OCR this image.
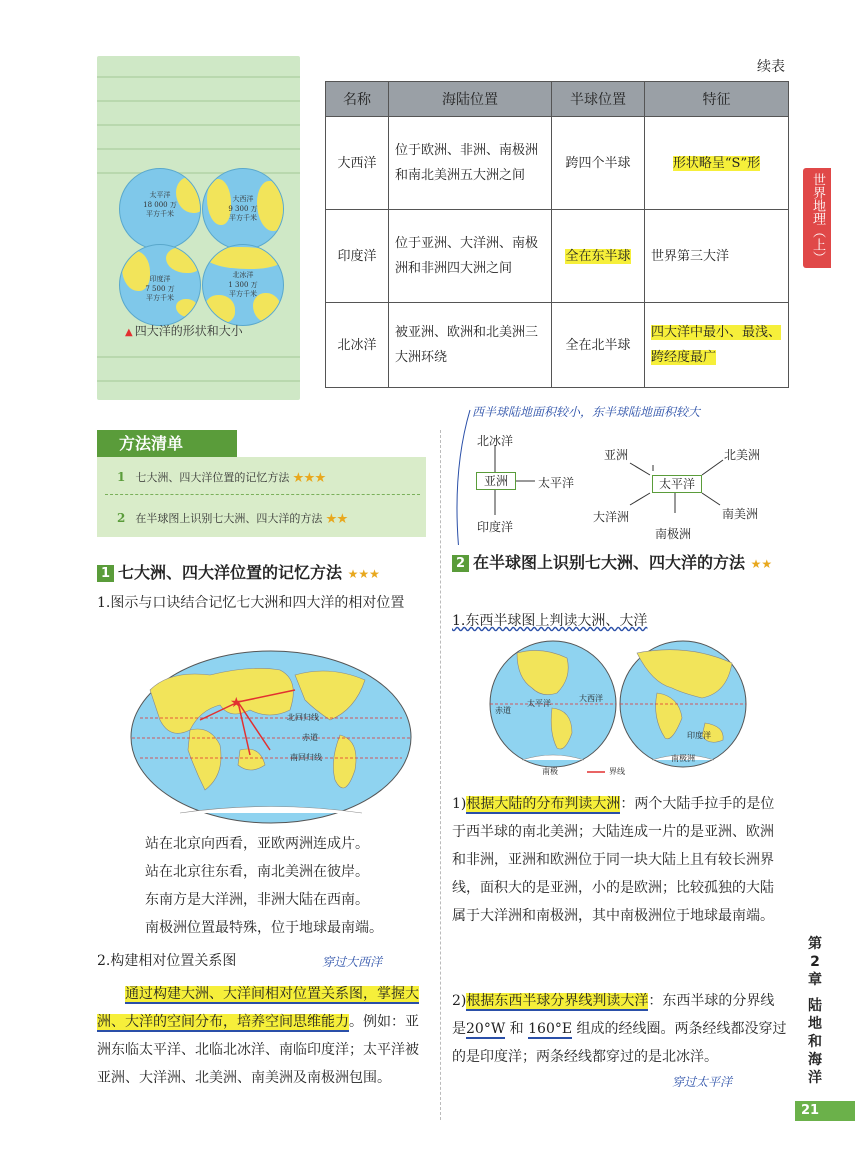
太平洋
18 000 万
平方千米
大西洋
9 300 万
平方千米
印度洋
7 500 万
平方千米
北冰洋
1 300 万
平方千米
▲ 四大洋的形状和大小
续表
名称	海陆位置	半球位置	特征
大西洋	位于欧洲、非洲、南极洲和南北美洲五大洲之间	跨四个半球	形状略呈“S”形
印度洋	位于亚洲、大洋洲、南极洲和非洲四大洲之间	全在东半球	世界第三大洋
北冰洋	被亚洲、欧洲和北美洲三大洲环绕	全在北半球	四大洋中最小、最浅、跨经度最广
世界地理（上）
第
2
章
陆
地
和
海
洋
21
方法清单
1 七大洲、四大洋位置的记忆方法 ★★★
2 在半球图上识别七大洲、四大洋的方法 ★★
1 七大洲、四大洋位置的记忆方法 ★★★
1.图示与口诀结合记忆七大洲和四大洋的相对位置
★
北回归线
赤道
南回归线
站在北京向西看，亚欧两洲连成片。
站在北京往东看，南北美洲在彼岸。
东南方是大洋洲，非洲大陆在西南。
南极洲位置最特殊，位于地球最南端。
2.构建相对位置关系图	穿过大西洋
通过构建大洲、大洋间相对位置关系图，掌握大洲、大洋的空间分布，培养空间思维能力。例如：亚洲东临太平洋、北临北冰洋、南临印度洋；太平洋被亚洲、大洋洲、北美洲、南美洲及南极洲包围。
西半球陆地面积较小，东半球陆地面积较大
北冰洋
亚洲	太平洋
印度洋
亚洲	北美洲
太平洋
大洋洲	南美洲
南极洲
2 在半球图上识别七大洲、四大洋的方法 ★★
1.东西半球图上判读大洲、大洋
太平洋
赤道
大西洋
印度洋
南极
南极洲
界线
1)根据大陆的分布判读大洲：两个大陆手拉手的是位于西半球的南北美洲；大陆连成一片的是亚洲、欧洲和非洲，亚洲和欧洲位于同一块大陆上且有较长洲界线，面积大的是亚洲，小的是欧洲；比较孤独的大陆属于大洋洲和南极洲，其中南极洲位于地球最南端。
2)根据东西半球分界线判读大洋：东西半球的分界线是20°W 和 160°E 组成的经线圈。两条经线都没穿过的是印度洋；两条经线都穿过的是北冰洋。
穿过太平洋
